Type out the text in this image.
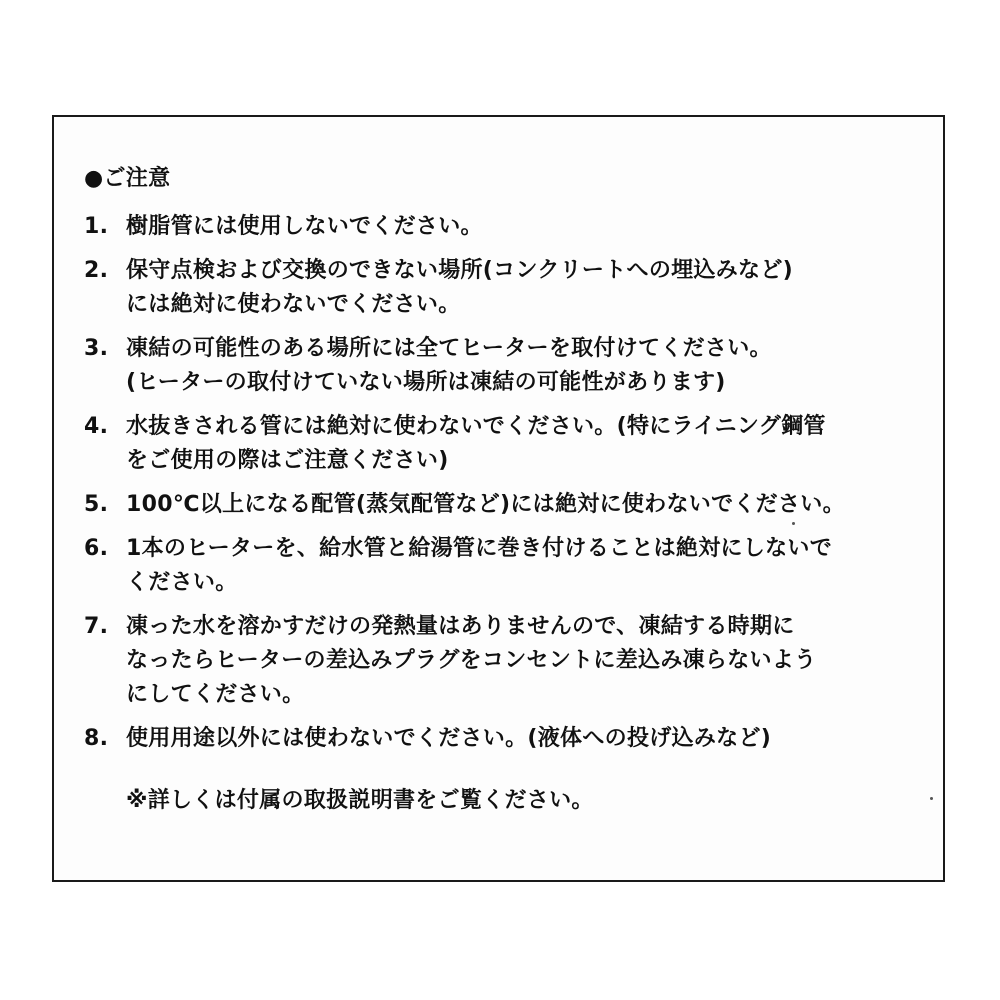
●ご注意
1. 樹脂管には使用しないでください。
2. 保守点検および交換のできない場所(コンクリートへの埋込みなど)
には絶対に使わないでください。
3. 凍結の可能性のある場所には全てヒーターを取付けてください。
(ヒーターの取付けていない場所は凍結の可能性があります)
4. 水抜きされる管には絶対に使わないでください。(特にライニング鋼管
をご使用の際はご注意ください)
5. 100℃以上になる配管(蒸気配管など)には絶対に使わないでください。
6. 1本のヒーターを、給水管と給湯管に巻き付けることは絶対にしないで
ください。
7. 凍った水を溶かすだけの発熱量はありませんので、凍結する時期に
なったらヒーターの差込みプラグをコンセントに差込み凍らないよう
にしてください。
8. 使用用途以外には使わないでください。(液体への投げ込みなど)
※詳しくは付属の取扱説明書をご覧ください。
